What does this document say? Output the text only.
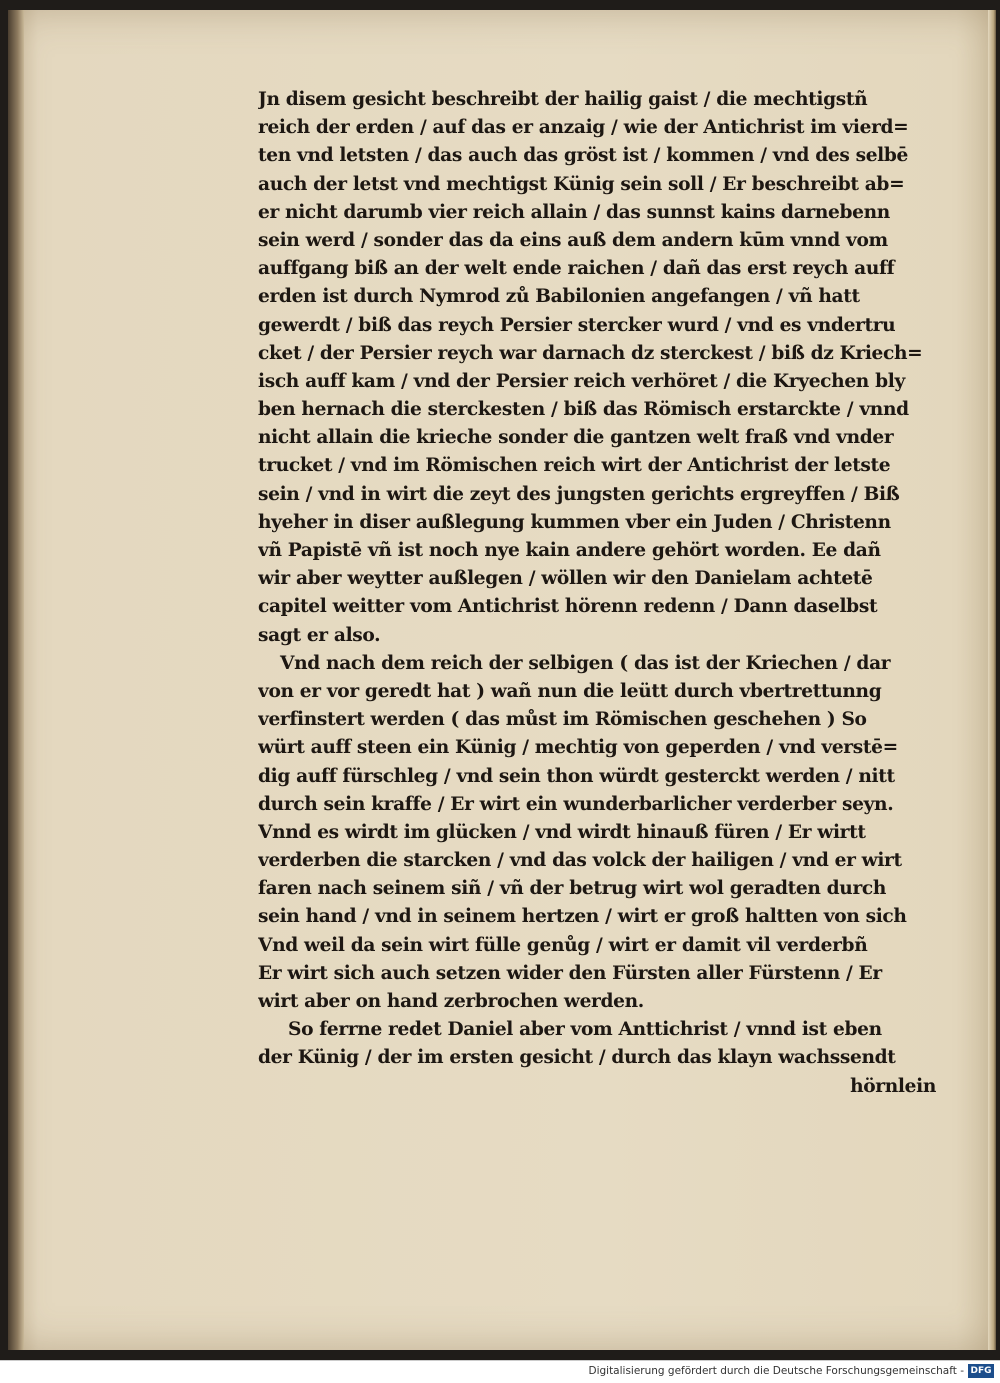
Jn disem gesicht beschreibt der hailig gaist / die mechtigstñ
reich der erden / auf das er anzaig / wie der Antichrist im vierd=
ten vnd letsten / das auch das gröst ist / kommen / vnd des selbē
auch der letst vnd mechtigst Künig sein soll / Er beschreibt ab=
er nicht darumb vier reich allain / das sunnst kains darnebenn
sein werd / sonder das da eins auß dem andern kūm vnnd vom
auffgang biß an der welt ende raichen / dañ das erst reych auff
erden ist durch Nymrod zů Babilonien angefangen / vñ hatt
gewerdt / biß das reych Persier stercker wurd / vnd es vndertru
cket / der Persier reych war darnach dz sterckest / biß dz Kriech=
isch auff kam / vnd der Persier reich verhöret / die Kryechen bly
ben hernach die sterckesten / biß das Römisch erstarckte / vnnd
nicht allain die krieche sonder die gantzen welt fraß vnd vnder
trucket / vnd im Römischen reich wirt der Antichrist der letste
sein / vnd in wirt die zeyt des jungsten gerichts ergreyffen / Biß
hyeher in diser außlegung kummen vber ein Juden / Christenn
vñ Papistē vñ ist noch nye kain andere gehört worden. Ee dañ
wir aber weytter außlegen / wöllen wir den Danielam achtetē
capitel weitter vom Antichrist hörenn redenn / Dann daselbst
sagt er also.
Vnd nach dem reich der selbigen ( das ist der Kriechen / dar
von er vor geredt hat ) wañ nun die leütt durch vbertrettunng
verfinstert werden ( das můst im Römischen geschehen ) So
würt auff steen ein Künig / mechtig von geperden / vnd verstē=
dig auff fürschleg / vnd sein thon würdt gesterckt werden / nitt
durch sein kraffe / Er wirt ein wunderbarlicher verderber seyn.
Vnnd es wirdt im glücken / vnd wirdt hinauß füren / Er wirtt
verderben die starcken / vnd das volck der hailigen / vnd er wirt
faren nach seinem siñ / vñ der betrug wirt wol geradten durch
sein hand / vnd in seinem hertzen / wirt er groß haltten von sich
Vnd weil da sein wirt fülle genůg / wirt er damit vil verderbñ
Er wirt sich auch setzen wider den Fürsten aller Fürstenn / Er
wirt aber on hand zerbrochen werden.
So ferrne redet Daniel aber vom Anttichrist / vnnd ist eben
der Künig / der im ersten gesicht / durch das klayn wachssendt
hörnlein
Digitalisierung gefördert durch die Deutsche Forschungsgemeinschaft - DFG
